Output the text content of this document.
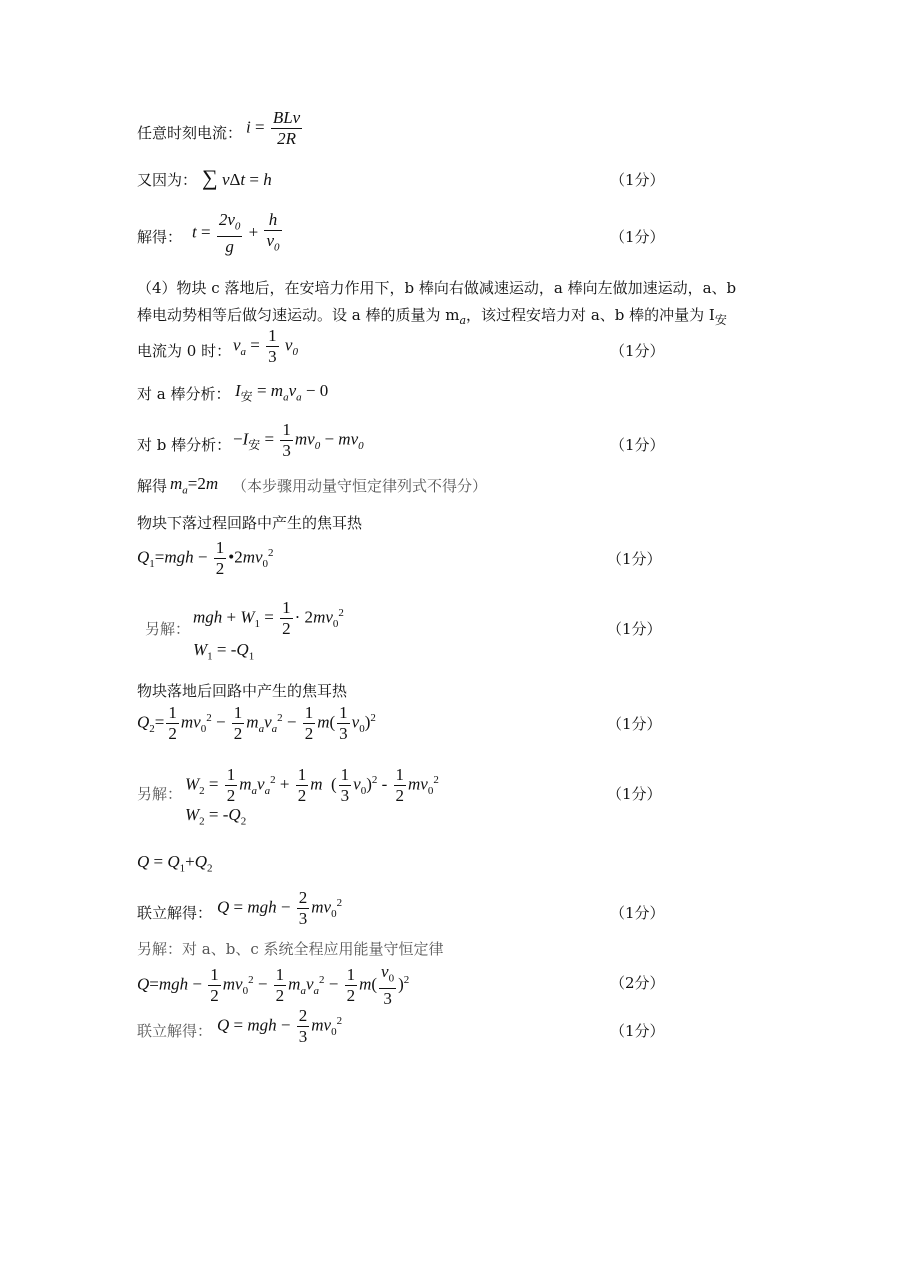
任意时刻电流： $i = \frac{\text{BLv}}{2R}$
又因为： ∑ vΔt = h	（1分）
解得： $t = \frac{2v_0}{g} + \frac{h}{v_0}$	（1分）
（4）物块 c 落地后，在安培力作用下，b 棒向右做减速运动，a 棒向左做加速运动，a、b
棒电动势相等后做匀速运动。设 a 棒的质量为 $m_a$，该过程安培力对 a、b 棒的冲量为 $I_安$
电流为 0 时： $v_a = \frac{1}{3} v_0$	（1分）
对 a 棒分析： $I_安 = m_av_a - 0$
对 b 棒分析： $-I_安 = \frac{1}{3} mv_0 - mv_0$	（1分）
解得 $m_a=2m$ （本步骤用动量守恒定律列式不得分）
物块下落过程回路中产生的焦耳热
$Q_1=mgh - \frac{1}{2}$ $•2mv_0^2$	（1分）
另解：
mgh + $W_1 = \frac{1}{2} \cdot 2mv_0^2$
$W_1 = -Q_1$
（1分）
物块落地后回路中产生的焦耳热
$Q_2= \frac{1}{2} mv_0^2 - \frac{1}{2} m_av_a^2 - \frac{1}{2} m( \frac{1}{3} v_0)^2$	（1分）
另解：
$W_2 = \frac{1}{2} m_av_a^2 + \frac{1}{2}$ m  ( $\frac{1}{3} v_0)^2 - \frac{1}{2} mv_0^2$
$W_2 = -Q_2$
（1分）
$Q = Q_1+Q_2$
联立解得： Q = mgh − $\frac{2}{3} mv_0^2$
（1分）
另解：对 a、b、c 系统全程应用能量守恒定律
$Q=mgh - \frac{1}{2} mv_0^2 - \frac{1}{2} m_av_a^2 - \frac{1}{2} m( \frac{v_0}{3} )^2$	（2分）
联立解得： Q = mgh − $\frac{2}{3} mv_0^2$
（1分）
